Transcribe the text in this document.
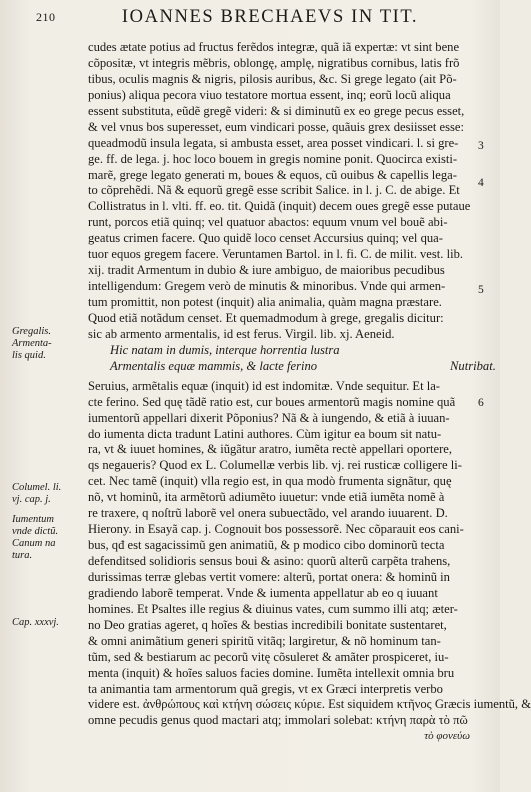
210	IOANNES BRECHAEVS IN TIT.
Gregalis.
Armenta-
lis quid.
Columel. li.
vj. cap. j.
Iumentum
vnde dictũ.
Canum na
tura.
Cap. xxxvj.
3
4
5
6
cudes ætate potius ad fructus ferẽdos integræ, quã iã expertæ: vt sint bene
cõpositæ, vt integris mẽbris, oblongę, amplę, nigratibus cornibus, latis frõ
tibus, oculis magnis & nigris, pilosis auribus, &c. Si grege legato (ait Põ-
ponius) aliqua pecora viuo testatore mortua essent, inq; eorũ locũ aliqua
essent substituta, eũdẽ gregẽ videri: & si diminutũ ex eo grege pecus esset,
& vel vnus bos superesset, eum vindicari posse, quãuis grex desiisset esse:
queadmodũ insula legata, si ambusta esset, area posset vindicari. l. si gre-
ge. ff. de lega. j. hoc loco bouem in gregis nomine ponit. Quocirca existi-
marẽ, grege legato generati m, boues & equos, cũ ouibus & capellis lega-
to cõprehẽdi. Nã & equorũ gregẽ esse scribit Salice. in l. j. C. de abige. Et
Collistratus in l. vlti. ff. eo. tit. Quidã (inquit) decem oues gregẽ esse putaue
runt, porcos etiã quinq; vel quatuor abactos: equum vnum vel bouẽ abi-
geatus crimen facere. Quo quidẽ loco censet Accursius quinq; vel qua-
tuor equos gregem facere. Veruntamen Bartol. in l. fi. C. de milit. vest. lib.
xij. tradit Armentum in dubio & iure ambiguo, de maioribus pecudibus
intelligendum: Gregem verò de minutis & minoribus. Vnde qui armen-
tum promittit, non potest (inquit) alia animalia, quàm magna præstare.
Quod etiã notãdum censet. Et quemadmodum à grege, gregalis dicitur:
sic ab armento armentalis, id est ferus. Virgil. lib. xj. Aeneid.
Hic natam in dumis, interque horrentia lustra
Armentalis equæ mammis, & lacte ferino	Nutribat.
Seruius, armẽtalis equæ (inquit) id est indomitæ. Vnde sequitur. Et la-
cte ferino. Sed quę tãdẽ ratio est, cur boues armentorũ magis nomine quã
iumentorũ appellari dixerit Põponius? Nã & à iungendo, & etiã à iuuan-
do iumenta dicta tradunt Latini authores. Cùm igitur ea boum sit natu-
ra, vt & iuuet homines, & iũgãtur aratro, iumẽta rectè appellari oportere,
qs negaueris? Quod ex L. Columellæ verbis lib. vj. rei rusticæ colligere li-
cet. Nec tamẽ (inquit) vlla regio est, in qua modò frumenta signãtur, quę
nõ, vt hominũ, ita armẽtorũ adiumẽto iuuetur: vnde etiã iumẽta nomẽ à
re traxere, q noſtrũ laborẽ vel onera subuectãdo, vel arando iuuarent. D.
Hierony. in Esayã cap. j. Cognouit bos possessorẽ. Nec cõparauit eos cani-
bus, qđ est sagacissimũ gen animatiũ, & p modico cibo dominorũ tecta
defenditsed solidioris sensus boui & asino: quorũ alterũ carpẽta trahens,
durissimas terræ glebas vertit vomere: alterũ, portat onera: & hominũ in
gradiendo laborẽ temperat. Vnde & iumenta appellatur ab eo q iuuant
homines. Et Psaltes ille regius & diuinus vates, cum summo illi atq; æter-
no Deo gratias ageret, q hoĩes & bestias incredibili bonitate sustentaret,
& omni animãtium generi spiritũ vitãq; largiretur, & nõ hominum tan-
tũm, sed & bestiarum ac pecorũ vitę cõsuleret & amãter prospiceret, iu-
menta (inquit) & hoĩes saluos facies domine. Iumẽta intellexit omnia bru
ta animantia tam armentorum quã gregis, vt ex Græci interpretis verbo
videre est. ἀνθρώπους καὶ κτήνη σώσεις κύριε. Est siquidem κτῆνος Græcis iumentũ, &
omne pecudis genus quod mactari atq; immolari solebat: κτήνη παρὰ τὸ πῶ
τὸ φονεύω
